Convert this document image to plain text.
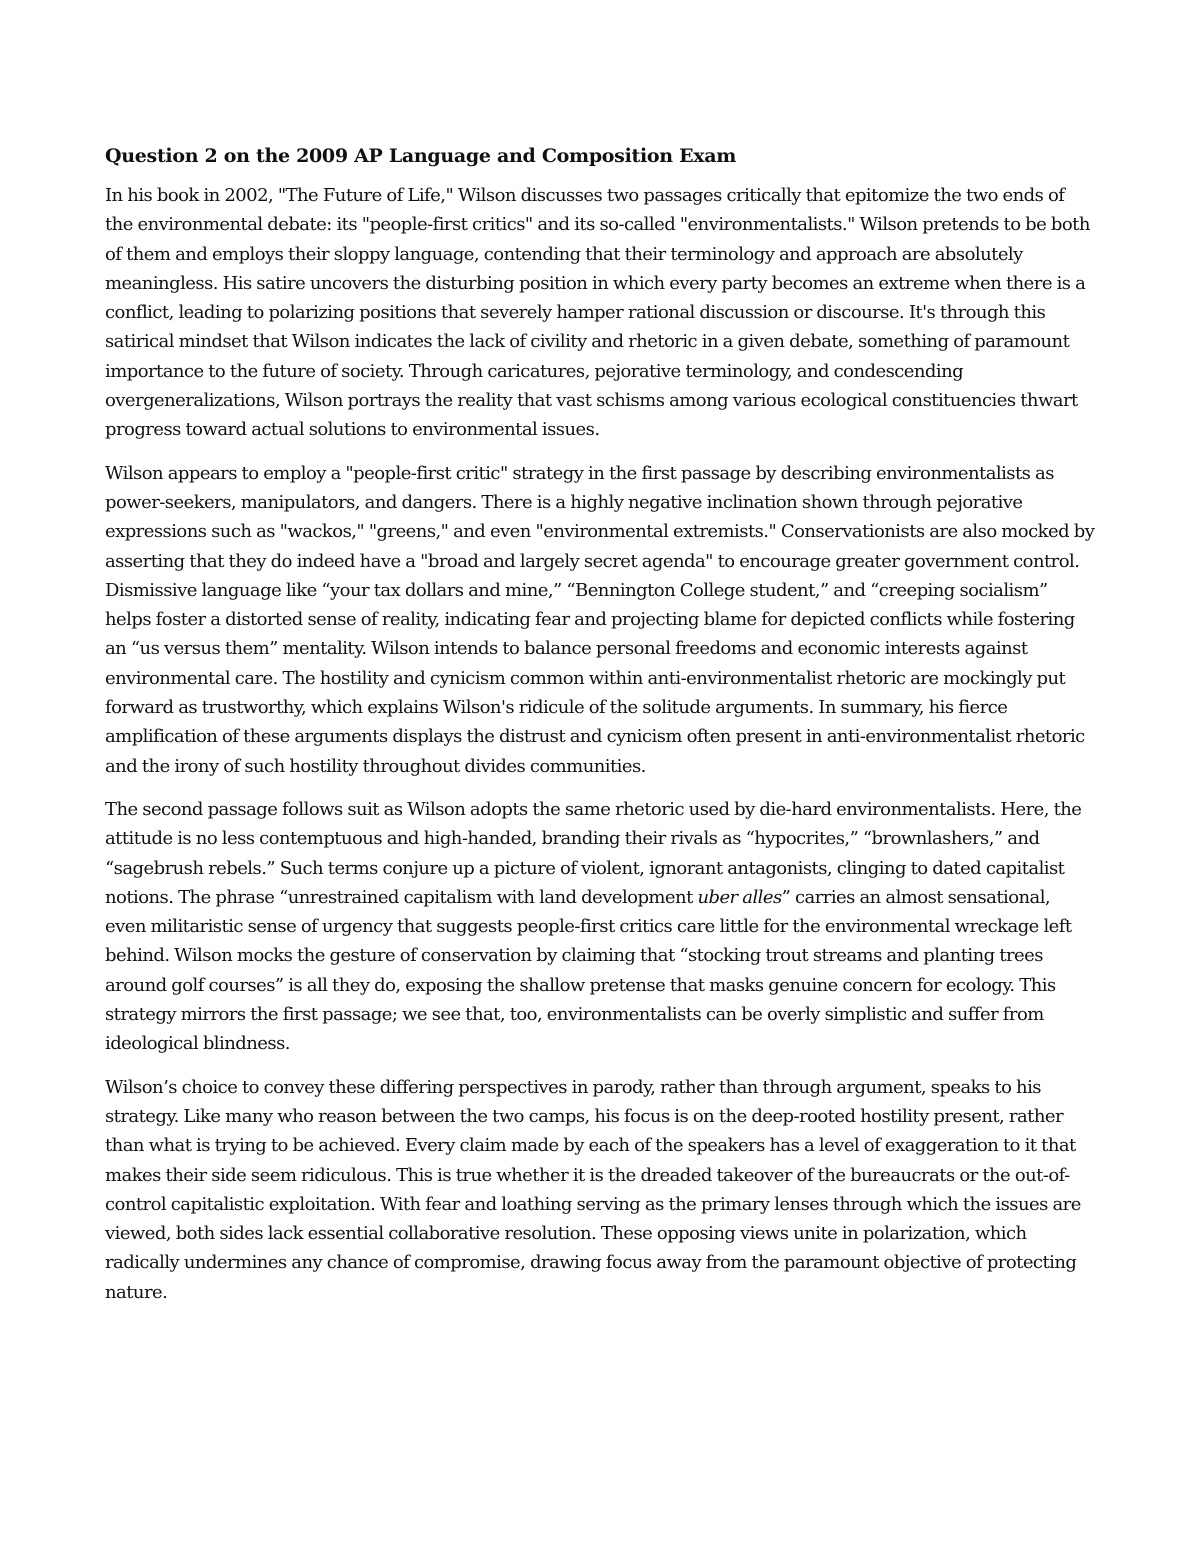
Question 2 on the 2009 AP Language and Composition Exam

In his book in 2002, "The Future of Life," Wilson discusses two passages critically that epitomize the two ends of the environmental debate: its "people-first critics" and its so-called "environmentalists." Wilson pretends to be both of them and employs their sloppy language, contending that their terminology and approach are absolutely meaningless. His satire uncovers the disturbing position in which every party becomes an extreme when there is a conflict, leading to polarizing positions that severely hamper rational discussion or discourse. It's through this satirical mindset that Wilson indicates the lack of civility and rhetoric in a given debate, something of paramount importance to the future of society. Through caricatures, pejorative terminology, and condescending overgeneralizations, Wilson portrays the reality that vast schisms among various ecological constituencies thwart progress toward actual solutions to environmental issues.

Wilson appears to employ a "people-first critic" strategy in the first passage by describing environmentalists as power-seekers, manipulators, and dangers. There is a highly negative inclination shown through pejorative expressions such as "wackos," "greens," and even "environmental extremists." Conservationists are also mocked by asserting that they do indeed have a "broad and largely secret agenda" to encourage greater government control. Dismissive language like “your tax dollars and mine,” “Bennington College student,” and “creeping socialism” helps foster a distorted sense of reality, indicating fear and projecting blame for depicted conflicts while fostering an “us versus them” mentality. Wilson intends to balance personal freedoms and economic interests against environmental care. The hostility and cynicism common within anti-environmentalist rhetoric are mockingly put forward as trustworthy, which explains Wilson's ridicule of the solitude arguments. In summary, his fierce amplification of these arguments displays the distrust and cynicism often present in anti-environmentalist rhetoric and the irony of such hostility throughout divides communities.

The second passage follows suit as Wilson adopts the same rhetoric used by die-hard environmentalists. Here, the attitude is no less contemptuous and high-handed, branding their rivals as “hypocrites,” “brownlashers,” and “sagebrush rebels.” Such terms conjure up a picture of violent, ignorant antagonists, clinging to dated capitalist notions. The phrase “unrestrained capitalism with land development uber alles” carries an almost sensational, even militaristic sense of urgency that suggests people-first critics care little for the environmental wreckage left behind. Wilson mocks the gesture of conservation by claiming that “stocking trout streams and planting trees around golf courses” is all they do, exposing the shallow pretense that masks genuine concern for ecology. This strategy mirrors the first passage; we see that, too, environmentalists can be overly simplistic and suffer from ideological blindness.

Wilson’s choice to convey these differing perspectives in parody, rather than through argument, speaks to his strategy. Like many who reason between the two camps, his focus is on the deep-rooted hostility present, rather than what is trying to be achieved. Every claim made by each of the speakers has a level of exaggeration to it that makes their side seem ridiculous. This is true whether it is the dreaded takeover of the bureaucrats or the out-of-control capitalistic exploitation. With fear and loathing serving as the primary lenses through which the issues are viewed, both sides lack essential collaborative resolution. These opposing views unite in polarization, which radically undermines any chance of compromise, drawing focus away from the paramount objective of protecting nature.
